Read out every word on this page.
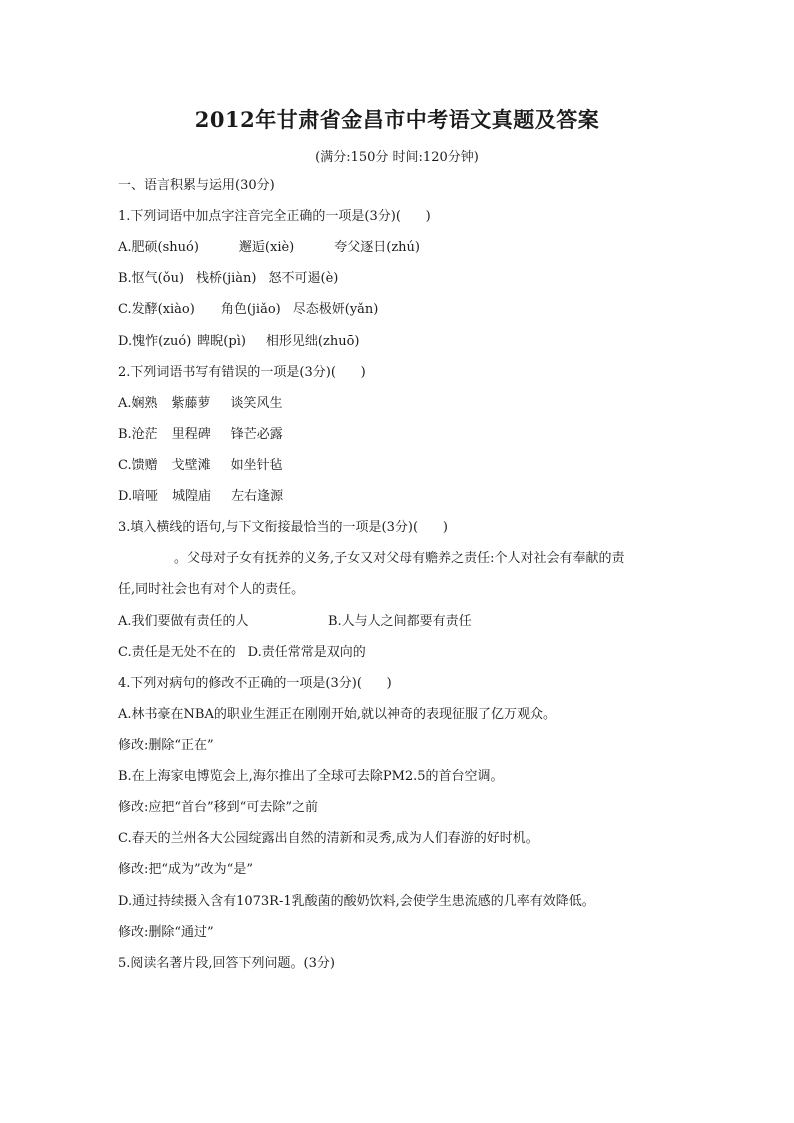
2012年甘肃省金昌市中考语文真题及答案
(满分:150分 时间:120分钟)
一、语言积累与运用(30分)
1.下列词语中加点字注音完全正确的一项是(3分)(      )
A.肥硕(shuó)	邂逅(xiè)	夸父逐日(zhú)
B.怄气(ǒu) 栈桥(jiàn) 怒不可遏(è)
C.发酵(xiào) 角色(jiǎo) 尽态极妍(yǎn)
D.愧怍(zuó) 睥睨(pì) 相形见绌(zhuō)
2.下列词语书写有错误的一项是(3分)(      )
A.娴熟 紫藤萝 谈笑风生
B.沧茫 里程碑 锋芒必露
C.馈赠 戈壁滩 如坐针毡
D.喑哑 城隍庙 左右逢源
3.填入横线的语句,与下文衔接最恰当的一项是(3分)(      )
。父母对子女有抚养的义务,子女又对父母有赡养之责任:个人对社会有奉献的责
任,同时社会也有对个人的责任。
A.我们要做有责任的人	B.人与人之间都要有责任
C.责任是无处不在的 D.责任常常是双向的
4.下列对病句的修改不正确的一项是(3分)(      )
A.林书豪在NBA的职业生涯正在刚刚开始,就以神奇的表现征服了亿万观众。
修改:删除“正在”
B.在上海家电博览会上,海尔推出了全球可去除PM2.5的首台空调。
修改:应把“首台”移到“可去除”之前
C.春天的兰州各大公园绽露出自然的清新和灵秀,成为人们春游的好时机。
修改:把“成为”改为“是”
D.通过持续摄入含有1073R-1乳酸菌的酸奶饮料,会使学生患流感的几率有效降低。
修改:删除“通过”
5.阅读名著片段,回答下列问题。(3分)
